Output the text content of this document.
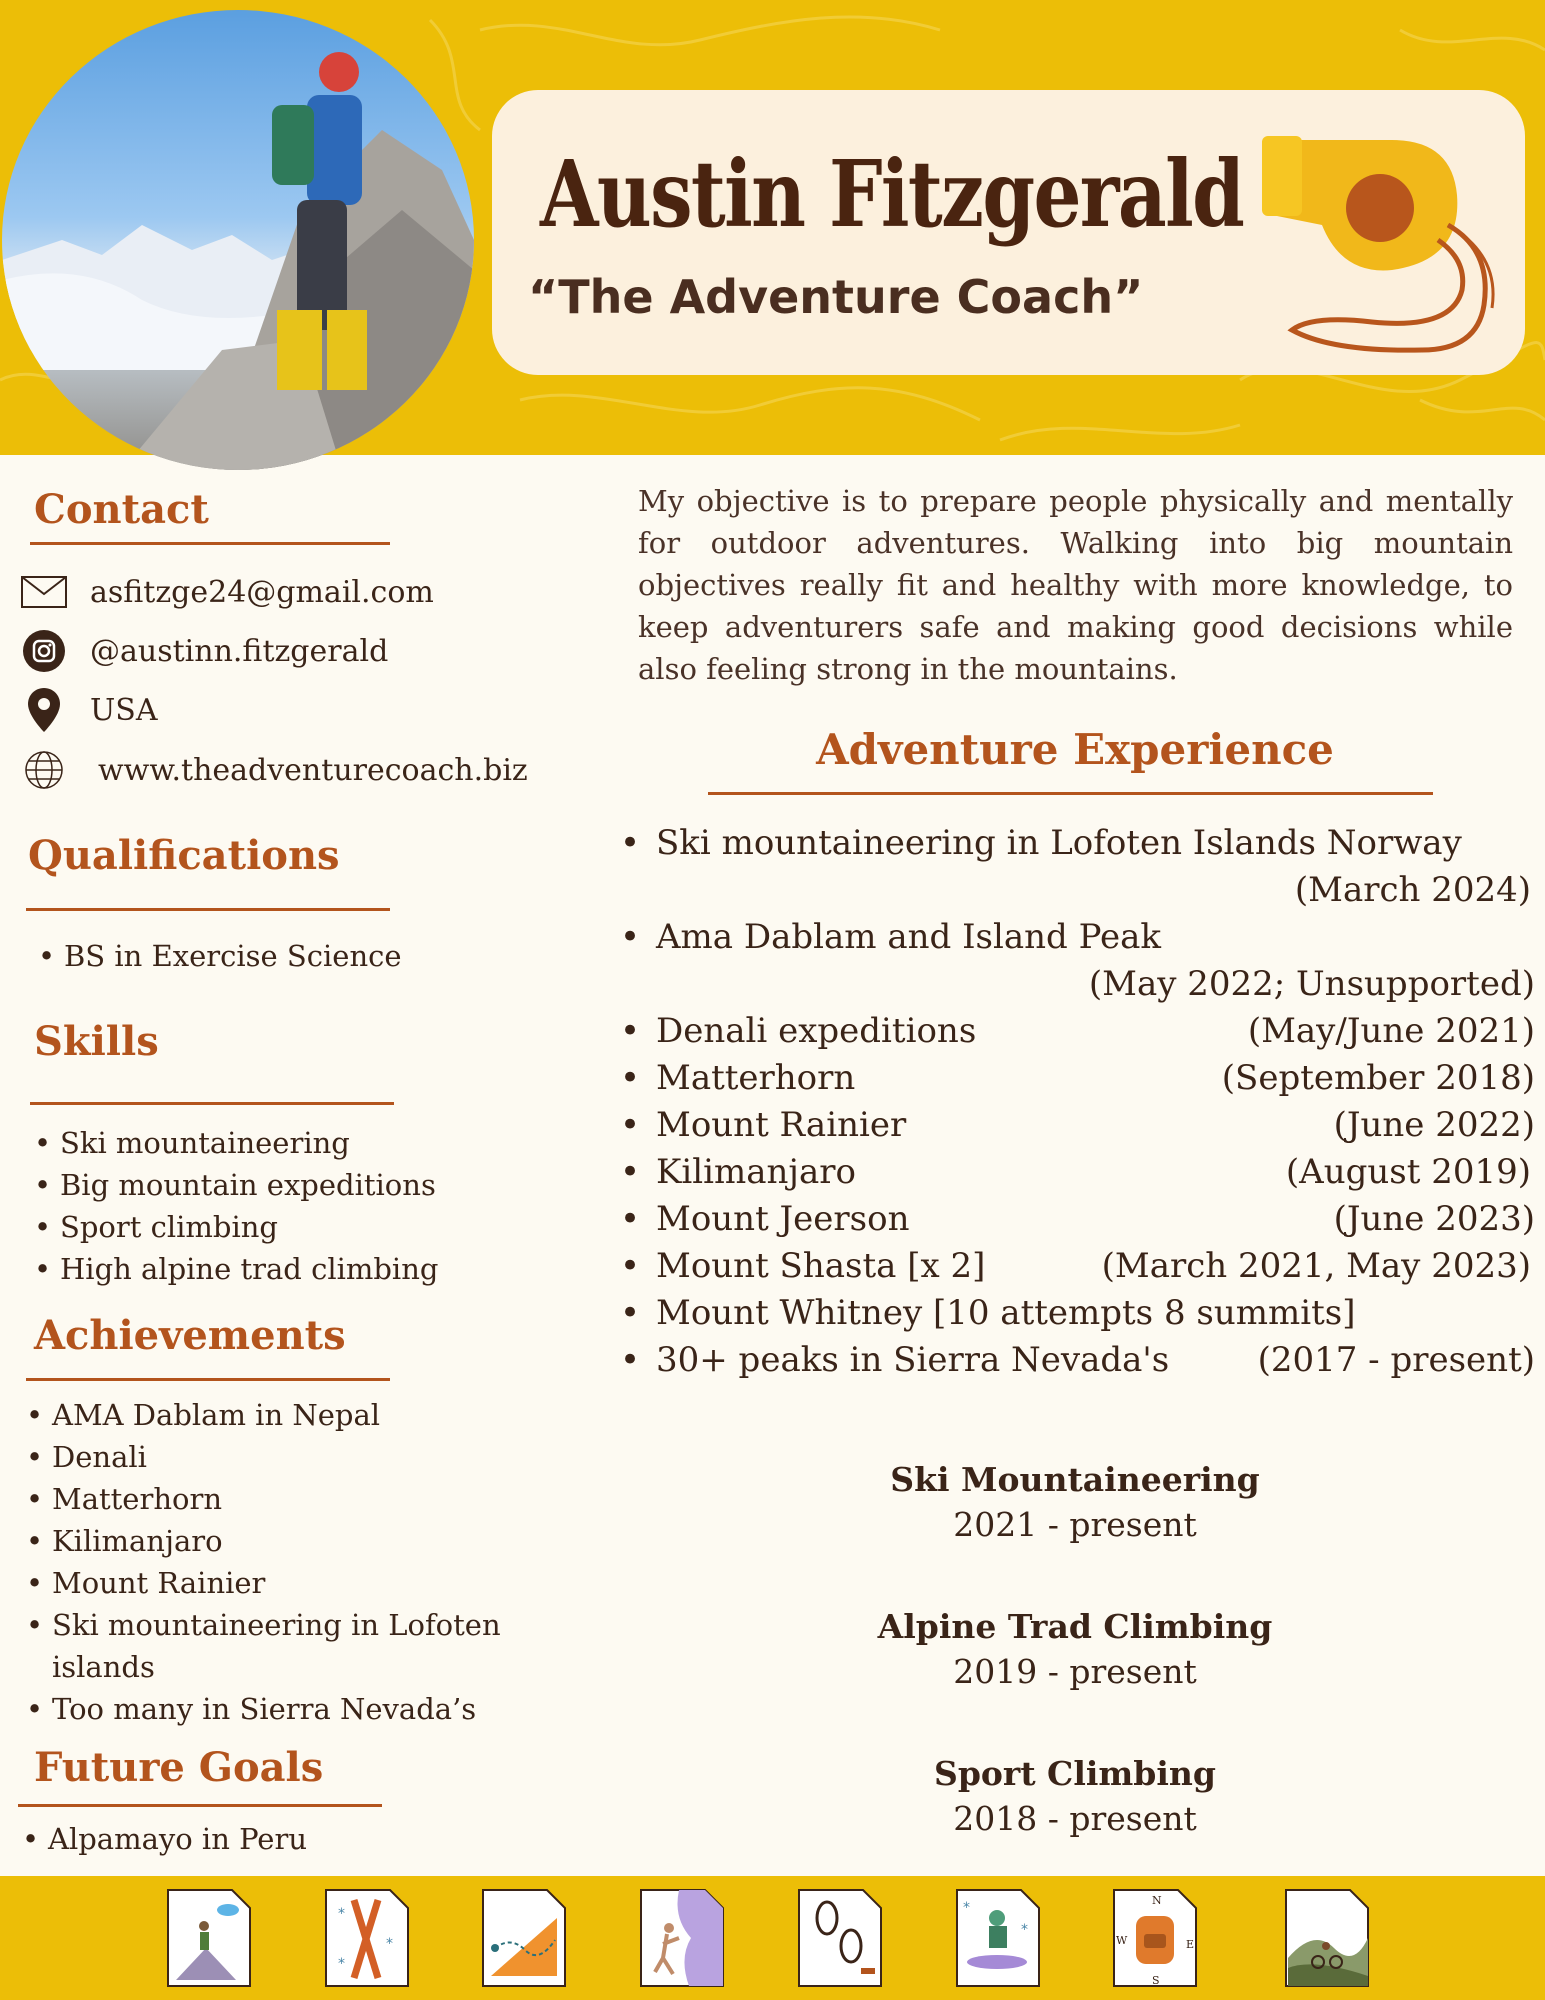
Austin Fitzgerald
“The Adventure Coach”
Contact
asfitzge24@gmail.com
@austinn.fitzgerald
USA
www.theadventurecoach.biz
Qualifications
• BS in Exercise Science
Skills
• Ski mountaineering
• Big mountain expeditions
• Sport climbing
• High alpine trad climbing
Achievements
• AMA Dablam in Nepal
• Denali
• Matterhorn
• Kilimanjaro
• Mount Rainier
• Ski mountaineering in Lofoten
islands
• Too many in Sierra Nevada’s
Future Goals
• Alpamayo in Peru
My objective is to prepare people physically and mentally for outdoor adventures. Walking into big mountain objectives really fit and healthy with more knowledge, to keep adventurers safe and making good decisions while also feeling strong in the mountains.
Adventure Experience
• Ski mountaineering in Lofoten Islands Norway
(March 2024)
• Ama Dablam and Island Peak
(May 2022; Unsupported)
• Denali expeditions	(May/June 2021)
• Matterhorn	(September 2018)
• Mount Rainier	(June 2022)
• Kilimanjaro	(August 2019)
• Mount Jeerson	(June 2023)
• Mount Shasta [x 2]	(March 2021, May 2023)
• Mount Whitney [10 attempts 8 summits]
• 30+ peaks in Sierra Nevada's	(2017 - present)
Ski Mountaineering
2021 - present
Alpine Trad Climbing
2019 - present
Sport Climbing
2018 - present
*
*
*
*
*
N
W	E
S
